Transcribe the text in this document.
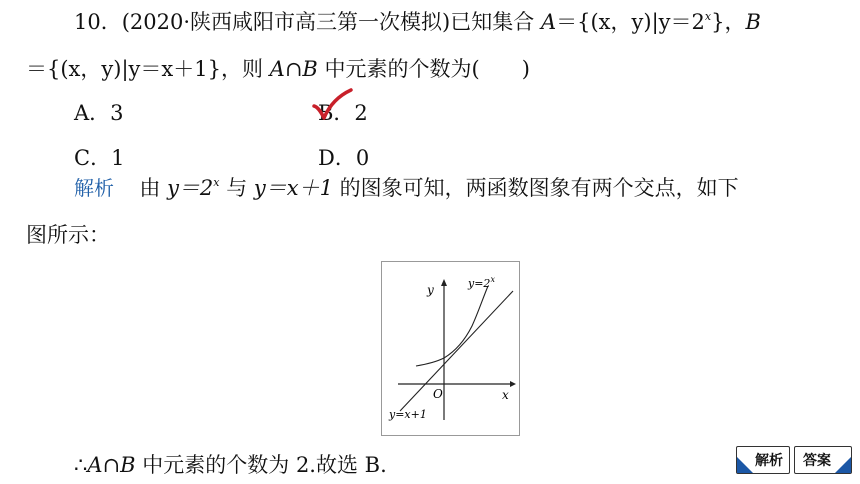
10．(2020·陕西咸阳市高三第一次模拟)已知集合 A＝{(x，$y)|y=2^x$}，B
＝{(x，y)|y＝x＋1}，则 A∩B 中元素的个数为(　　)
A．3	B．2
C．1	D．0
解析 由 $y=2^x$ 与 y＝x＋1 的图象可知，两函数图象有两个交点，如下
图所示：
y
x
O
$y=2^x$
y=x+1
∴A∩B 中元素的个数为 2.故选 B.	解析 答案
